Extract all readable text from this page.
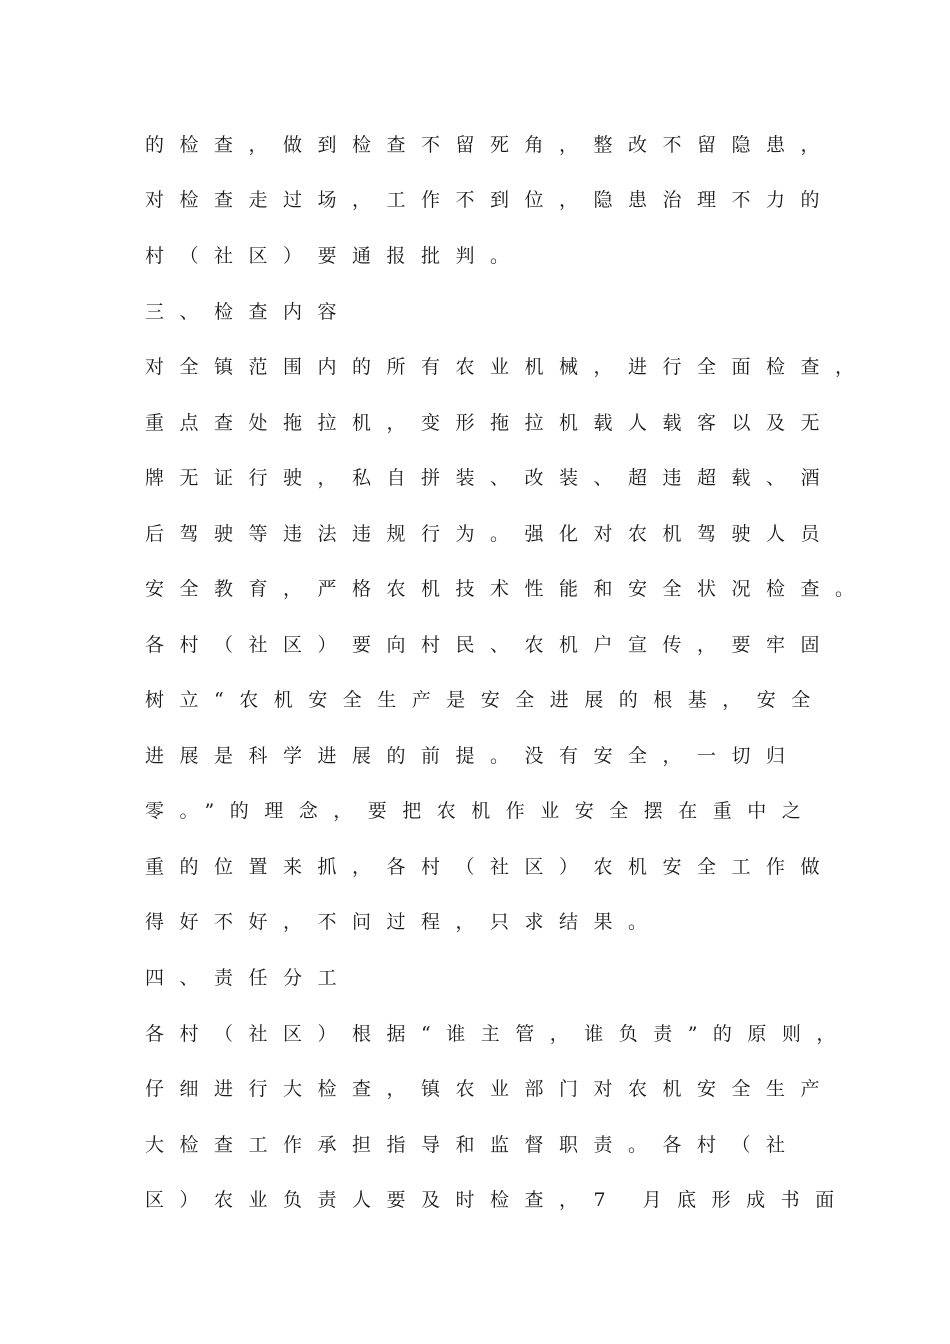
的检查，做到检查不留死角，整改不留隐患，
对检查走过场，工作不到位，隐患治理不力的
村（社区）要通报批判。
三、检查内容
对全镇范围内的所有农业机械，进行全面检查，
重点查处拖拉机，变形拖拉机载人载客以及无
牌无证行驶，私自拼装、改装、超违超载、酒
后驾驶等违法违规行为。强化对农机驾驶人员
安全教育，严格农机技术性能和安全状况检查。
各村（社区）要向村民、农机户宣传，要牢固
树立“农机安全生产是安全进展的根基，安全
进展是科学进展的前提。没有安全，一切归
零。”的理念，要把农机作业安全摆在重中之
重的位置来抓，各村（社区）农机安全工作做
得好不好，不问过程，只求结果。
四、责任分工
各村（社区）根据“谁主管，谁负责”的原则，
仔细进行大检查，镇农业部门对农机安全生产
大检查工作承担指导和监督职责。各村（社
区）农业负责人要及时检查，7 月底形成书面
